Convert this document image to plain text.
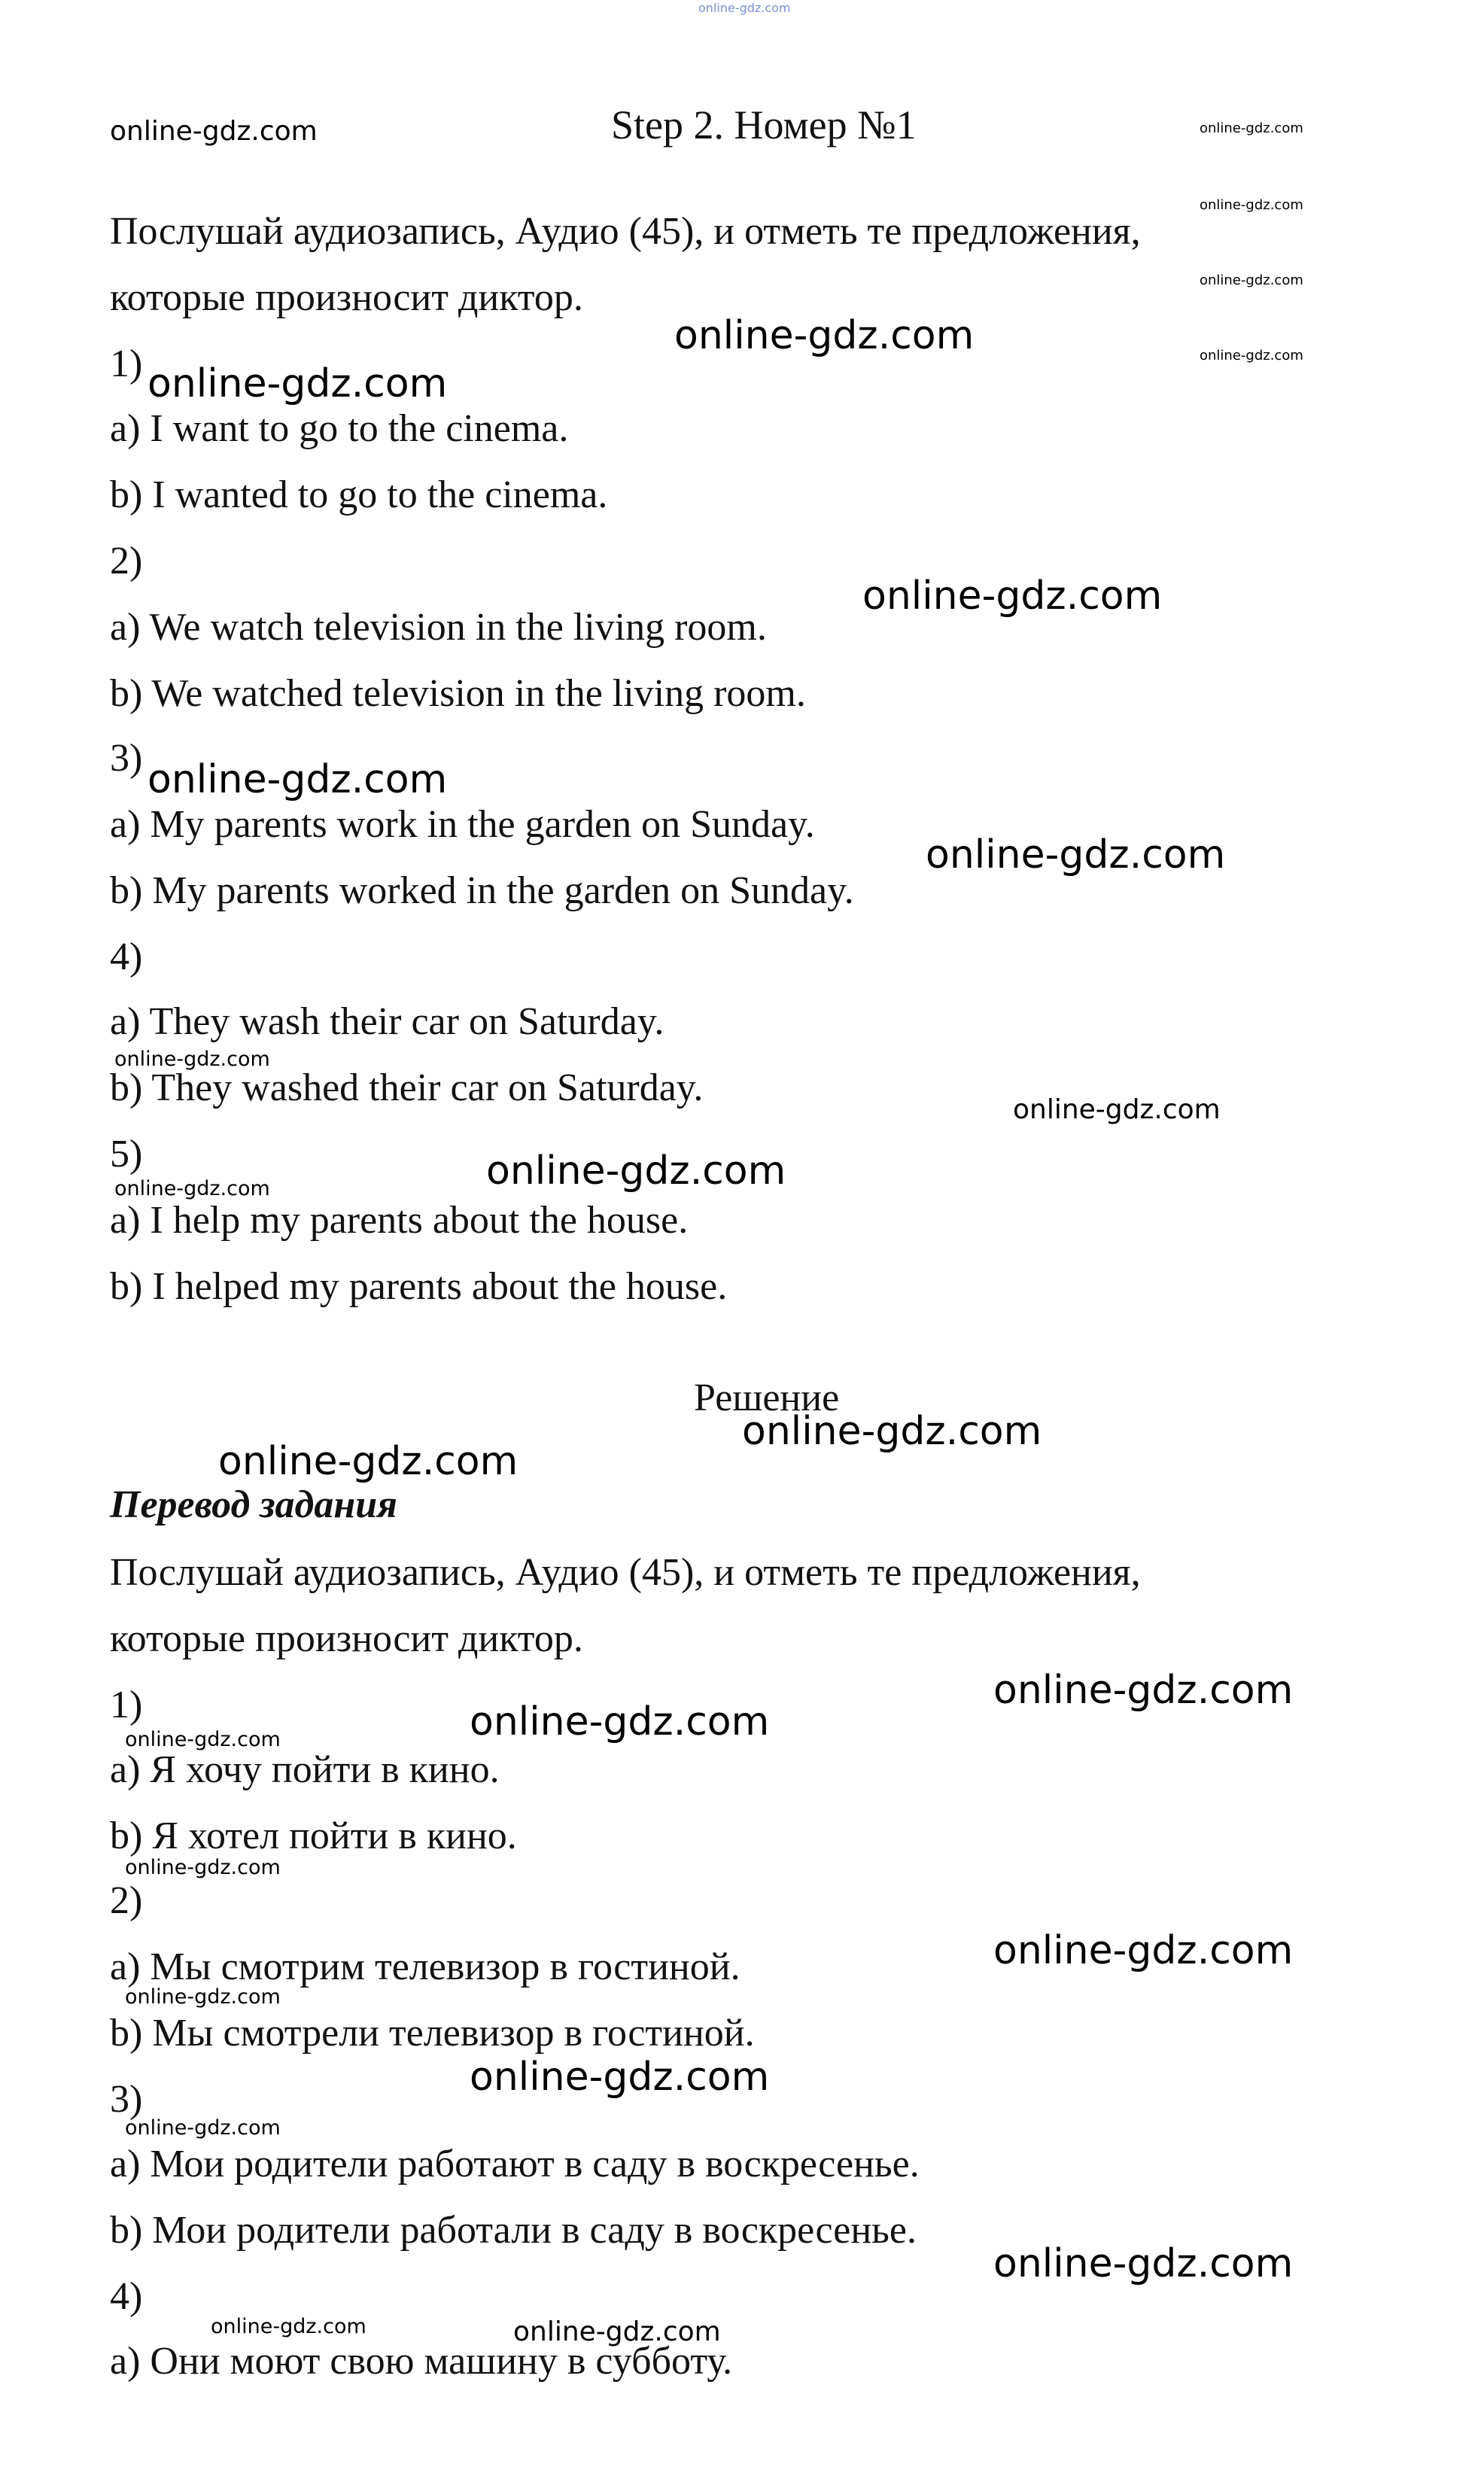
online-gdz.com
online-gdz.com	Step 2. Номер №1	online-gdz.com
online-gdz.com
Послушай аудиозапись, Аудио (45), и отметь те предложения,
online-gdz.com
которые произносит диктор.
online-gdz.com	online-gdz.com
1) online-gdz.com
a) I want to go to the cinema.
b) I wanted to go to the cinema.
2)
online-gdz.com
a) We watch television in the living room.
b) We watched television in the living room.
3) online-gdz.com
a) My parents work in the garden on Sunday.
online-gdz.com
b) My parents worked in the garden on Sunday.
4)
a) They wash their car on Saturday.
online-gdz.com
b) They washed their car on Saturday.
online-gdz.com
5)	online-gdz.com
online-gdz.com
a) I help my parents about the house.
b) I helped my parents about the house.
Решение
online-gdz.com
online-gdz.com
Перевод задания
Послушай аудиозапись, Аудио (45), и отметь те предложения,
которые произносит диктор.
1)	online-gdz.com
online-gdz.com
online-gdz.com
a) Я хочу пойти в кино.
b) Я хотел пойти в кино.
online-gdz.com
2)
online-gdz.com
a) Мы смотрим телевизор в гостиной.
online-gdz.com
b) Мы смотрели телевизор в гостиной.
online-gdz.com
3)
online-gdz.com
a) Мои родители работают в саду в воскресенье.
b) Мои родители работали в саду в воскресенье.
online-gdz.com
4)
online-gdz.com	online-gdz.com
a) Они моют свою машину в субботу.
